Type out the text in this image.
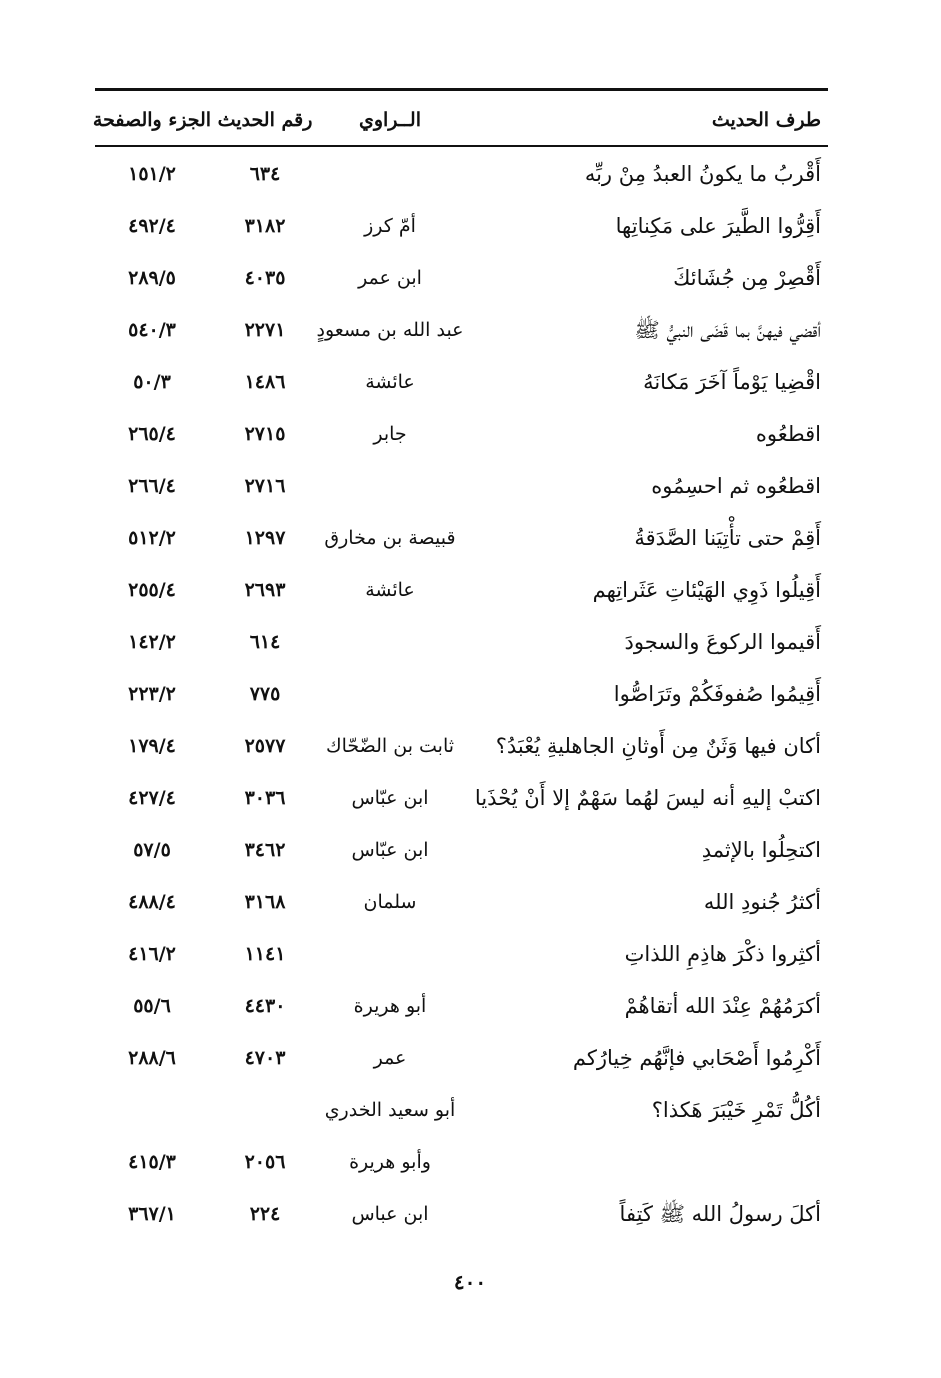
طرف الحديث
الــراوي
رقم الحديث
الجزء والصفحة
أَقْربُ ما يكونُ العبدُ مِنْ ربِّه
٦٣٤
١٥١/٢
أَقِرُّوا الطَّيرَ على مَكِناتِها
أمّ كرز
٣١٨٢
٤٩٢/٤
أَقْصِرْ مِن جُشَائكَ
ابن عمر
٤٠٣٥
٢٨٩/٥
أقضي فيهنَّ بما قَضَى النبيُّ ﷺ
عبد الله بن مسعودٍ
٢٢٧١
٥٤٠/٣
اقْضِيا يَوْماً آخَرَ مَكانَهُ
عائشة
١٤٨٦
٥٠/٣
اقطعُوه
جابر
٢٧١٥
٢٦٥/٤
اقطعُوه ثم احسِمُوه
٢٧١٦
٢٦٦/٤
أَقِمْ حتى تأْتِيَنا الصَّدَقةُ
قبيصة بن مخارق
١٢٩٧
٥١٢/٢
أَقِيلُوا ذَوِي الهَيْئاتِ عَثَراتِهم
عائشة
٢٦٩٣
٢٥٥/٤
أَقيموا الركوعَ والسجودَ
٦١٤
١٤٢/٢
أَقِيمُوا صُفوفَكُمْ وتَرَاصُّوا
٧٧٥
٢٢٣/٢
أكان فيها وَثَنٌ مِن أَوثانِ الجاهليةِ يُعْبَدُ؟
ثابت بن الضّحّاك
٢٥٧٧
١٧٩/٤
اكتبْ إليهِ أنه ليسَ لهُما سَهْمٌ إلا أَنْ يُحْذَيا
ابن عبّاس
٣٠٣٦
٤٢٧/٤
اكتحِلُوا بالإثمدِ
ابن عبّاس
٣٤٦٢
٥٧/٥
أكثرُ جُنودِ الله
سلمان
٣١٦٨
٤٨٨/٤
أكثِروا ذكْرَ هاذِمِ اللذاتِ
١١٤١
٤١٦/٢
أكرَمُهُمْ عِنْدَ الله أتقاهُمْ
أبو هريرة
٤٤٣٠
٥٥/٦
أَكْرِمُوا أَصْحَابي فإنَّهُم خِيارُكم
عمر
٤٧٠٣
٢٨٨/٦
أكُلُّ تَمْرِ خَيْبَرَ هَكذا؟
أبو سعيد الخدري
وأبو هريرة
٢٠٥٦
٤١٥/٣
أكلَ رسولُ الله ﷺ كَتِفاً
ابن عباس
٢٢٤
٣٦٧/١
٤٠٠
